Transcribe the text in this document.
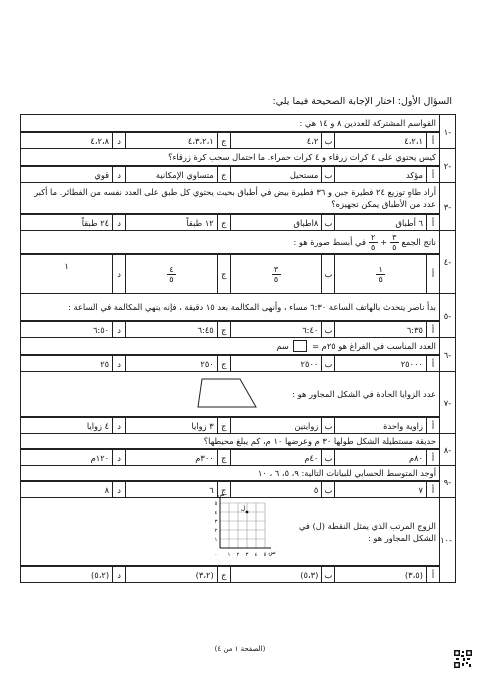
السؤال الأول: اختار الإجابة الصحيحة فيما يلي:
-١	القواسم المشتركة للعددين ٨ و ١٤ هي :

أ	٤،٢،١	ب	٤،٢	ج	٤،٣،٢،١	د	٤،٢،٨

-٢	كيس يحتوي على ٤ كرات زرقاء و ٤ كرات حمراء. ما احتمال سحب كرة زرقاء؟

أ	مؤكد	ب	مستحيل	ج	متساوي الإمكانية	د	قوي

-٣	أراد طاهٍ توزيع ٢٤ فطيرة جبن و ٣٦ فطيرة بيض في أطباق بحيث يحتوي كل طبق على العدد نفسه من الفطائر. ما أكبر عدد من الأطباق يمكن تجهيزه؟

أ	٦ أطباق	ب	٨اطباق	ج	١٢ طبقاً	د	٢٤ طبقاً

-٤	ناتج الجمع
$\frac{٣}{٥}$
+
$\frac{٢}{٥}$
في أبسط صورة هو :

أ	
$\frac{١}{٥}$
	ب	
$\frac{٣}{٥}$
	ج	
$\frac{٤}{٥}$
	د	١

-٥	بدأ ناصر يتحدث بالهاتف الساعة ٦:٣٠ مساء ، وأنهى المكالمة بعد ١٥ دقيقة ، فإنه ينهي المكالمة في الساعة :

أ	٦:٣٥	ب	٦:٤٠	ج	٦:٤٥	د	٦:٥٠

-٦	العدد المناسب في الفراغ هو ٢٥م =  سم

أ	٢٥٠٠٠	ب	٢٥٠٠	ج	٢٥٠	د	٢٥

-٧	عدد الزوايا الحادة في الشكل المجاور هو :

أ	زاوية واحدة	ب	زوايتين	ج	٣ زوايا	د	٤ زوايا

-٨	حديقة مستطيلة الشكل طولها ٣٠ م وعرضها ١٠ م، كم يبلغ محيطها؟

أ	٨٠م	ب	٤٠م	ج	٣٠٠م	د	١٢٠م

-٩	أوجد المتوسط الحسابي للبيانات التالية: ٩، ٥، ٦ ، ١٠

أ	٧	ب	٥	ج	٦	د	٨

-١٠	
الزوج المرتب الذي يمثل النقطة (ل) في الشكل المجاور هو :
١
١
٢
٢
٣
٣
٤
٤
٥
٥
٠	س
ص
ل

أ	(٣،٥)	ب	(٥،٣)	ج	(٣،٢)	د	(٥،٢)
(الصفحة ١ من ٤)
